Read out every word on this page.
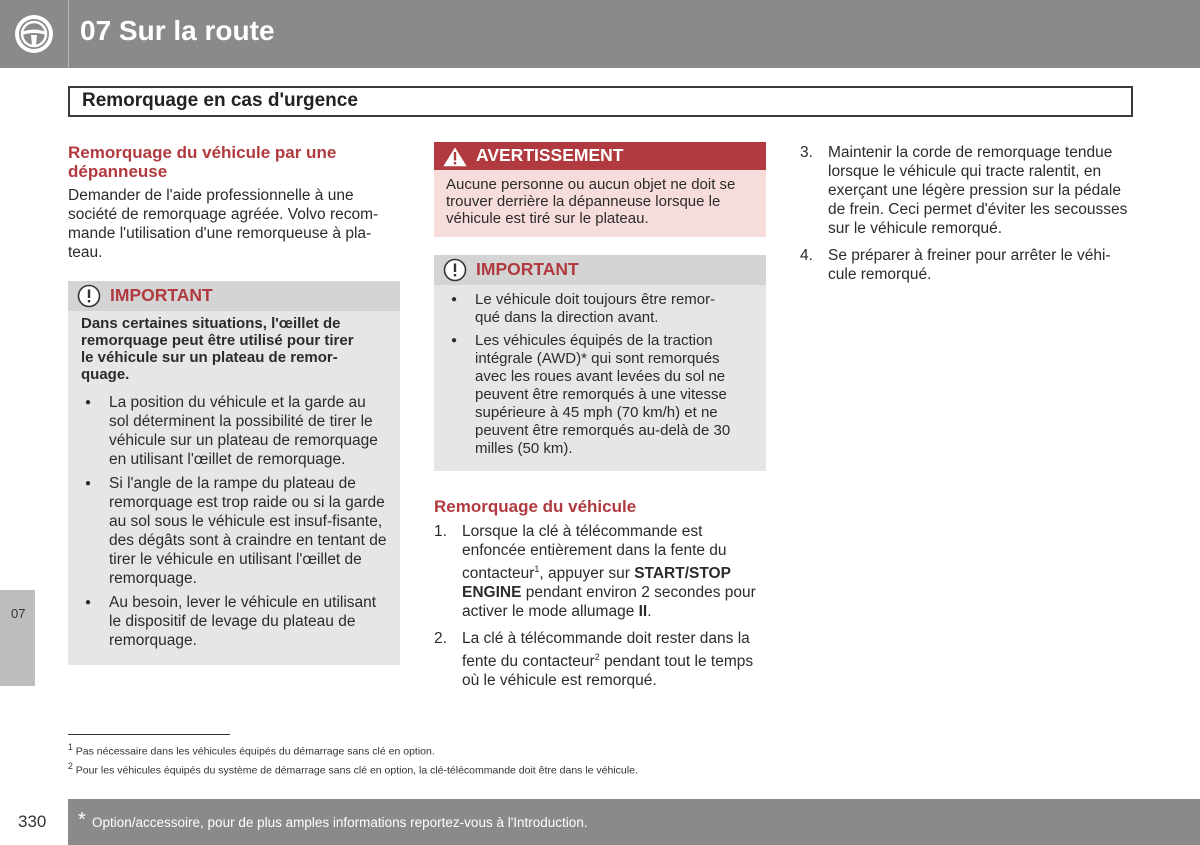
07 Sur la route
Remorquage en cas d'urgence
Remorquage du véhicule par une dépanneuse

Demander de l'aide professionnelle à une société de remorquage agréée. Volvo recom-mande l'utilisation d'une remorqueuse à pla-teau.

IMPORTANT

Dans certaines situations, l'œillet de remorquage peut être utilisé pour tirer le véhicule sur un plateau de remor-quage.

● La position du véhicule et la garde au sol déterminent la possibilité de tirer le véhicule sur un plateau de remorquage en utilisant l'œillet de remorquage.
● Si l'angle de la rampe du plateau de remorquage est trop raide ou si la garde au sol sous le véhicule est insuf-fisante, des dégâts sont à craindre en tentant de tirer le véhicule en utilisant l'œillet de remorquage.
● Au besoin, lever le véhicule en utilisant le dispositif de levage du plateau de remorquage.
AVERTISSEMENT

Aucune personne ou aucun objet ne doit se trouver derrière la dépanneuse lorsque le véhicule est tiré sur le plateau.

IMPORTANT
● Le véhicule doit toujours être remor-qué dans la direction avant.
● Les véhicules équipés de la traction intégrale (AWD)* qui sont remorqués avec les roues avant levées du sol ne peuvent être remorqués à une vitesse supérieure à 45 mph (70 km/h) et ne peuvent être remorqués au-delà de 30 milles (50 km).
Remorquage du véhicule
1. Lorsque la clé à télécommande est enfoncée entièrement dans la fente du contacteur$^1$, appuyer sur START/STOP ENGINE pendant environ 2 secondes pour activer le mode allumage II.
2. La clé à télécommande doit rester dans la fente du contacteur$^2$ pendant tout le temps où le véhicule est remorqué.
3. Maintenir la corde de remorquage tendue lorsque le véhicule qui tracte ralentit, en exerçant une légère pression sur la pédale de frein. Ceci permet d'éviter les secousses sur le véhicule remorqué.
4. Se préparer à freiner pour arrêter le véhi-cule remorqué.
07
$^1$ Pas nécessaire dans les véhicules équipés du démarrage sans clé en option.
$^2$ Pour les véhicules équipés du système de démarrage sans clé en option, la clé-télécommande doit être dans le véhicule.
330 * Option/accessoire, pour de plus amples informations reportez-vous à l'Introduction.
